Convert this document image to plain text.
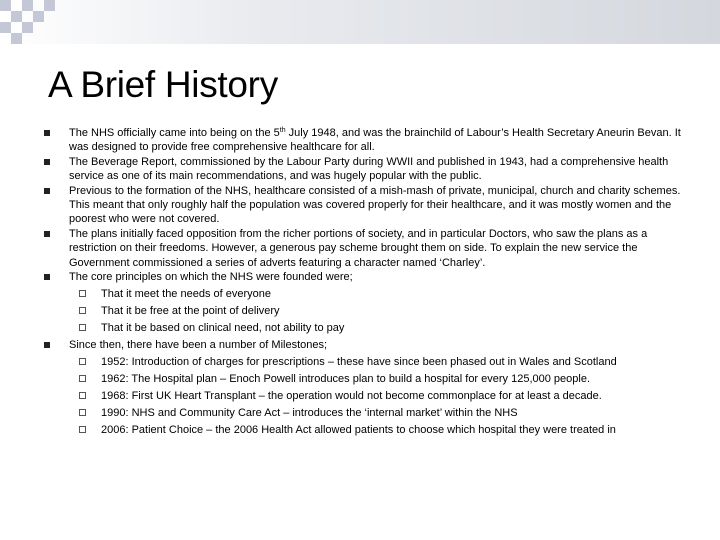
A Brief History
The NHS officially came into being on the 5th July 1948, and was the brainchild of Labour’s Health Secretary Aneurin Bevan. It was designed to provide free comprehensive healthcare for all.
The Beverage Report, commissioned by the Labour Party during WWII and published in 1943, had a comprehensive health service as one of its main recommendations, and was hugely popular with the public.
Previous to the formation of the NHS, healthcare consisted of a mish-mash of private, municipal, church and charity schemes. This meant that only roughly half the population was covered properly for their healthcare, and it was mostly women and the poorest who were not covered.
The plans initially faced opposition from the richer portions of society, and in particular Doctors, who saw the plans as a restriction on their freedoms. However, a generous pay scheme brought them on side. To explain the new service the Government commissioned a series of adverts featuring a character named ‘Charley’.
The core principles on which the NHS were founded were;
That it meet the needs of everyone
That it be free at the point of delivery
That it be based on clinical need, not ability to pay
Since then, there have been a number of Milestones;
1952: Introduction of charges for prescriptions – these have since been phased out in Wales and Scotland
1962: The Hospital plan – Enoch Powell introduces plan to build a hospital for every 125,000 people.
1968: First UK Heart Transplant – the operation would not become commonplace for at least a decade.
1990: NHS and Community Care Act – introduces the ‘internal market’ within the NHS
2006: Patient Choice – the 2006 Health Act allowed patients to choose which hospital they were treated in
